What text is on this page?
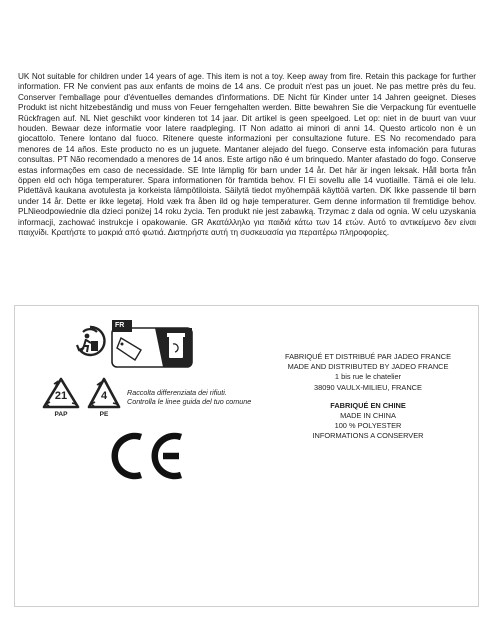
UK Not suitable for children under 14 years of age. This item is not a toy. Keep away from fire. Retain this package for further information. FR Ne convient pas aux enfants de moins de 14 ans. Ce produit n'est pas un jouet. Ne pas mettre près du feu. Conserver l'emballage pour d'éventuelles demandes d'informations. DE Nicht für Kinder unter 14 Jahren geeignet. Dieses Produkt ist nicht hitzebeständig und muss von Feuer ferngehalten werden. Bitte bewahren Sie die Verpackung für eventuelle Rückfragen auf. NL Niet geschikt voor kinderen tot 14 jaar. Dit artikel is geen speelgoed. Let op: niet in de buurt van vuur houden. Bewaar deze informatie voor latere raadpleging. IT Non adatto ai minori di anni 14. Questo articolo non è un giocattolo. Tenere lontano dal fuoco. Ritenere queste informazioni per consultazione future. ES No recomendado para menores de 14 años. Este producto no es un juguete. Mantaner alejado del fuego. Conserve esta infomación para futuras consultas. PT Não recomendado a menores de 14 anos. Este artigo não é um brinquedo. Manter afastado do fogo. Conserve estas informações em caso de necessidade. SE Inte lämplig för barn under 14 år. Det här är ingen leksak. Håll borta från öppen eld och höga temperaturer. Spara informationen för framtida behov. FI Ei sovellu alle 14 vuotiaille. Tämä ei ole lelu. Pidettävä kaukana avotulesta ja korkeista lämpötiloista. Säilytä tiedot myöhempää käyttöä varten. DK Ikke passende til børn under 14 år. Dette er ikke legetøj. Hold væk fra åben ild og høje temperaturer. Gem denne information til fremtidige behov. PLNieodpowiednie dla dzieci poniżej 14 roku życia. Ten produkt nie jest zabawką. Trzymac z dala od ognia. W celu uzyskania informacji, zachować instrukcje i opakowanie. GR Ακατάλληλο για παιδιά κάτω των 14 ετών. Αυτό το αντικείμενο δεν είναι παιχνίδι. Κρατήστε το μακριά από φωτιά. Διατηρήστε αυτή τη συσκευασία για περαιτέρω πληροφορίες.
FR
21
PAP
4
PE
Raccolta differenziata dei rifiuti.
Controlla le linee guida del tuo comune
FABRIQUÉ ET DISTRIBUÉ PAR JADEO FRANCE
MADE AND DISTRIBUTED BY JADEO FRANCE
1 bis rue le chatelier
38090 VAULX-MILIEU, FRANCE
FABRIQUÉ EN CHINE
MADE IN CHINA
100 % POLYESTER
INFORMATIONS A CONSERVER
